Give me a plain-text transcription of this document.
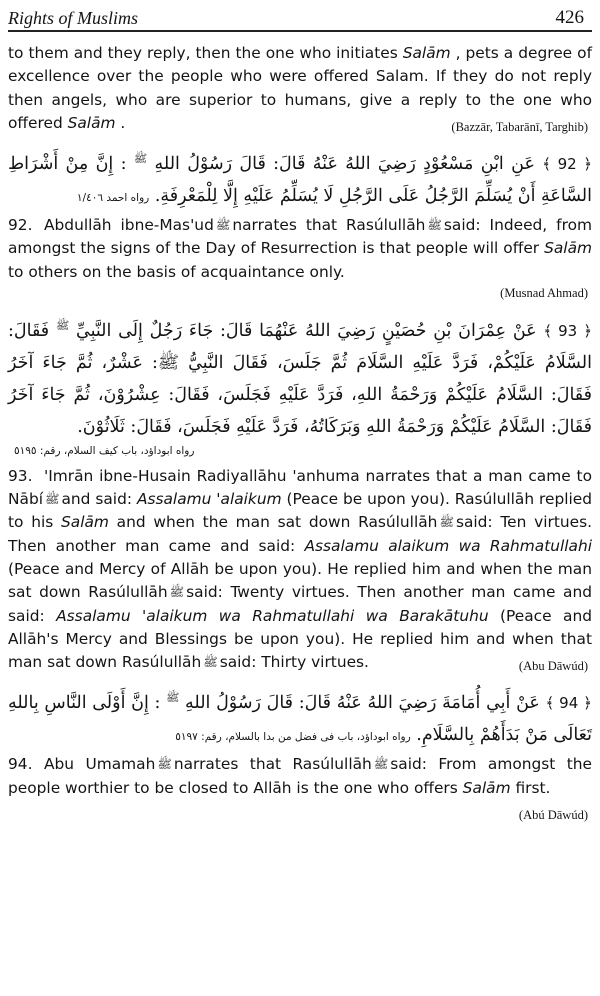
Rights of Muslims	426

to them and they reply, then the one who initiates Salām , pets a degree of excellence over the people who were offered Salam. If they do not reply then angels, who are superior to humans, give a reply to the one who offered Salām .	(Bazzār, Tabarānī, Targhib)

﴿ 92 ﴾ عَنِ ابْنِ مَسْعُوْدٍ رَضِيَ اللهُ عَنْهُ قَالَ: قَالَ رَسُوْلُ اللهِ $^ﷺ$ : إِنَّ مِنْ أَشْرَاطِ السَّاعَةِ أَنْ يُسَلِّمَ الرَّجُلُ عَلَى الرَّجُلِ لَا يُسَلِّمُ عَلَيْهِ إِلَّا لِلْمَعْرِفَةِ. رواه احمد ١/٤٠٦

92. Abdullāh ibne-Mas'ud ﷺ narrates that Rasúlullāh ﷺ said: Indeed, from amongst the signs of the Day of Resurrection is that people will offer Salām to others on the basis of acquaintance only.

(Musnad Ahmad)
﴿ 93 ﴾ عَنْ عِمْرَانَ بْنِ حُصَيْنٍ رَضِيَ اللهُ عَنْهُمَا قَالَ: جَاءَ رَجُلٌ إِلَى النَّبِيِّ $^ﷺ$ فَقَالَ: السَّلَامُ عَلَيْكُمْ، فَرَدَّ عَلَيْهِ السَّلَامَ ثُمَّ جَلَسَ، فَقَالَ النَّبِيُّ ﷺ: عَشْرٌ، ثُمَّ جَاءَ آخَرُ فَقَالَ: السَّلَامُ عَلَيْكُمْ وَرَحْمَةُ اللهِ، فَرَدَّ عَلَيْهِ فَجَلَسَ، فَقَالَ: عِشْرُوْنَ، ثُمَّ جَاءَ آخَرُ فَقَالَ: السَّلَامُ عَلَيْكُمْ وَرَحْمَةُ اللهِ وَبَرَكَاتُهُ، فَرَدَّ عَلَيْهِ فَجَلَسَ، فَقَالَ: ثَلَاثُوْنَ.
رواه ابوداؤد، باب كيف السلام، رقم: ٥١٩٥

93. 'Imrān ibne-Husain Radiyallāhu 'anhuma narrates that a man came to Nābí ﷺ and said: Assalamu 'alaikum (Peace be upon you). Rasúlullāh replied to his Salām and when the man sat down Rasúlullāh ﷺ said: Ten virtues. Then another man came and said: Assalamu alaikum wa Rahmatullahi (Peace and Mercy of Allāh be upon you). He replied him and when the man sat down Rasúlullāh ﷺ said: Twenty virtues. Then another man came and said: Assalamu 'alaikum wa Rahmatullahi wa Barakātuhu (Peace and Allāh's Mercy and Blessings be upon you). He replied him and when that man sat down Rasúlullāh ﷺ said: Thirty virtues.	(Abu Dāwúd)

﴿ 94 ﴾ عَنْ أَبِي أُمَامَةَ رَضِيَ اللهُ عَنْهُ قَالَ: قَالَ رَسُوْلُ اللهِ $^ﷺ$ : إِنَّ أَوْلَى النَّاسِ بِاللهِ تَعَالَى مَنْ بَدَأَهُمْ بِالسَّلَامِ. رواه ابوداؤد، باب فى فضل من بدا بالسلام، رقم: ٥١٩٧

94. Abu Umamah ﷺ narrates that Rasúlullāh ﷺ said: From amongst the people worthier to be closed to Allāh is the one who offers Salām first.
(Abú Dāwúd)
